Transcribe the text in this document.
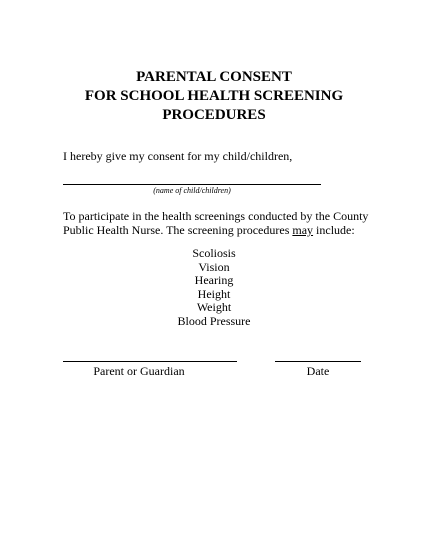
PARENTAL CONSENT
FOR SCHOOL HEALTH SCREENING
PROCEDURES
I hereby give my consent for my child/children,
(name of child/children)
To participate in the health screenings conducted by the County
Public Health Nurse. The screening procedures may include:
Scoliosis
Vision
Hearing
Height
Weight
Blood Pressure
Parent or Guardian	Date
